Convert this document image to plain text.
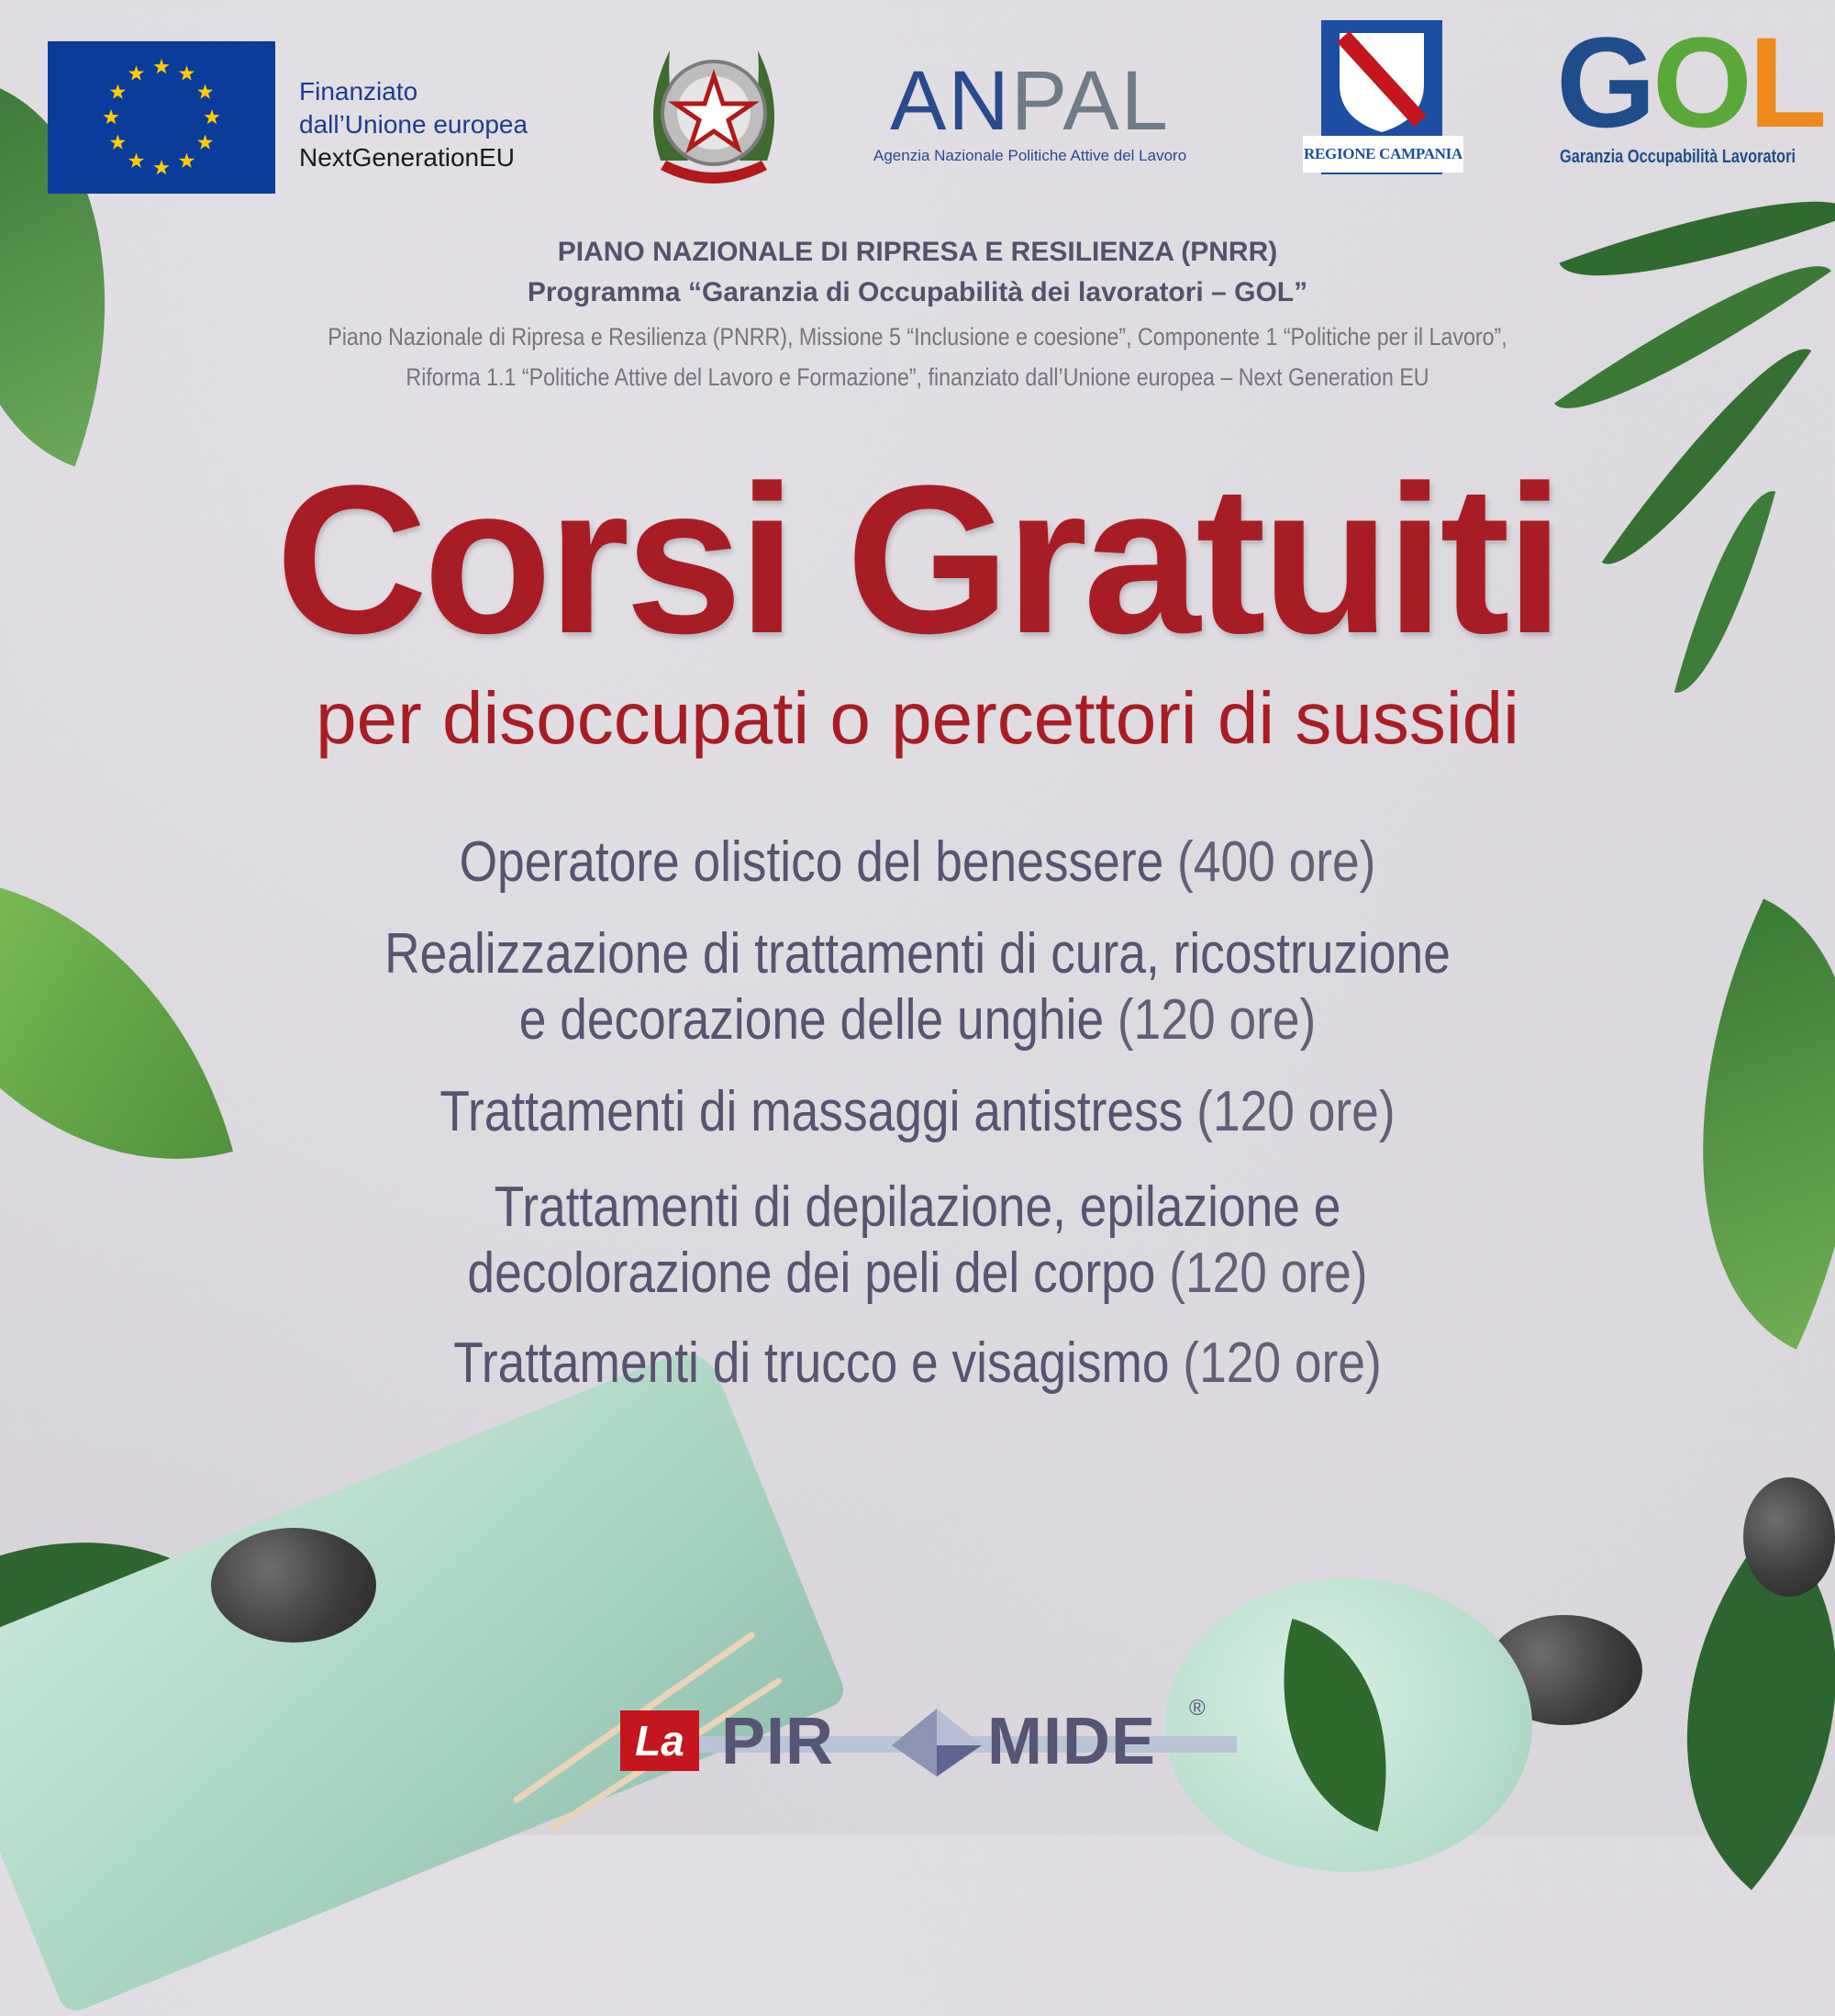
Finanziato
dall’Unione europea
NextGenerationEU
ANPAL
Agenzia Nazionale Politiche Attive del Lavoro	REGIONE CAMPANIA GOL
Garanzia Occupabilità Lavoratori
PIANO NAZIONALE DI RIPRESA E RESILIENZA (PNRR)
Programma “Garanzia di Occupabilità dei lavoratori – GOL”
Piano Nazionale di Ripresa e Resilienza (PNRR), Missione 5 “Inclusione e coesione”, Componente 1 “Politiche per il Lavoro”,
Riforma 1.1 “Politiche Attive del Lavoro e Formazione”, finanziato dall’Unione europea – Next Generation EU
Corsi Gratuiti
per disoccupati o percettori di sussidi
Operatore olistico del benessere (400 ore)
Realizzazione di trattamenti di cura, ricostruzione
e decorazione delle unghie (120 ore)
Trattamenti di massaggi antistress (120 ore)
Trattamenti di depilazione, epilazione e
decolorazione dei peli del corpo (120 ore)
Trattamenti di trucco e visagismo (120 ore)
La PIR MIDE ®
